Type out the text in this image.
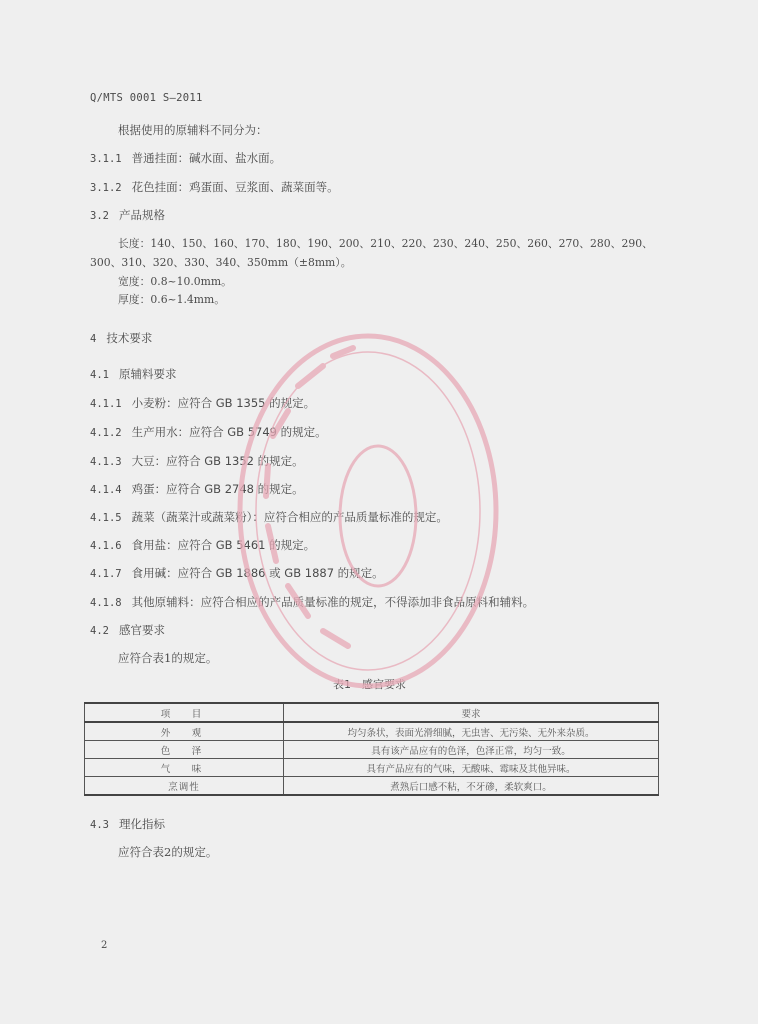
Q/MTS 0001 S—2011
根据使用的原辅料不同分为：
3.1.1 普通挂面：碱水面、盐水面。
3.1.2 花色挂面：鸡蛋面、豆浆面、蔬菜面等。
3.2 产品规格
长度：140、150、160、170、180、190、200、210、220、230、240、250、260、270、280、290、
300、310、320、330、340、350mm（±8mm）。
宽度：0.8~10.0mm。
厚度：0.6~1.4mm。
4 技术要求
4.1 原辅料要求
4.1.1 小麦粉：应符合 GB 1355 的规定。
4.1.2 生产用水：应符合 GB 5749 的规定。
4.1.3 大豆：应符合 GB 1352 的规定。
4.1.4 鸡蛋：应符合 GB 2748 的规定。
4.1.5 蔬菜（蔬菜汁或蔬菜粉）：应符合相应的产品质量标准的规定。
4.1.6 食用盐：应符合 GB 5461 的规定。
4.1.7 食用碱：应符合 GB 1886 或 GB 1887 的规定。
4.1.8 其他原辅料：应符合相应的产品质量标准的规定，不得添加非食品原料和辅料。
4.2 感官要求
应符合表1的规定。
表1　感官要求
项　目	要求
外　观	均匀条状，表面光滑细腻，无虫害、无污染、无外来杂质。
色　泽	具有该产品应有的色泽，色泽正常，均匀一致。
气　味	具有产品应有的气味，无酸味、霉味及其他异味。
烹调性	煮熟后口感不粘，不牙碜，柔软爽口。
4.3 理化指标
应符合表2的规定。
2
